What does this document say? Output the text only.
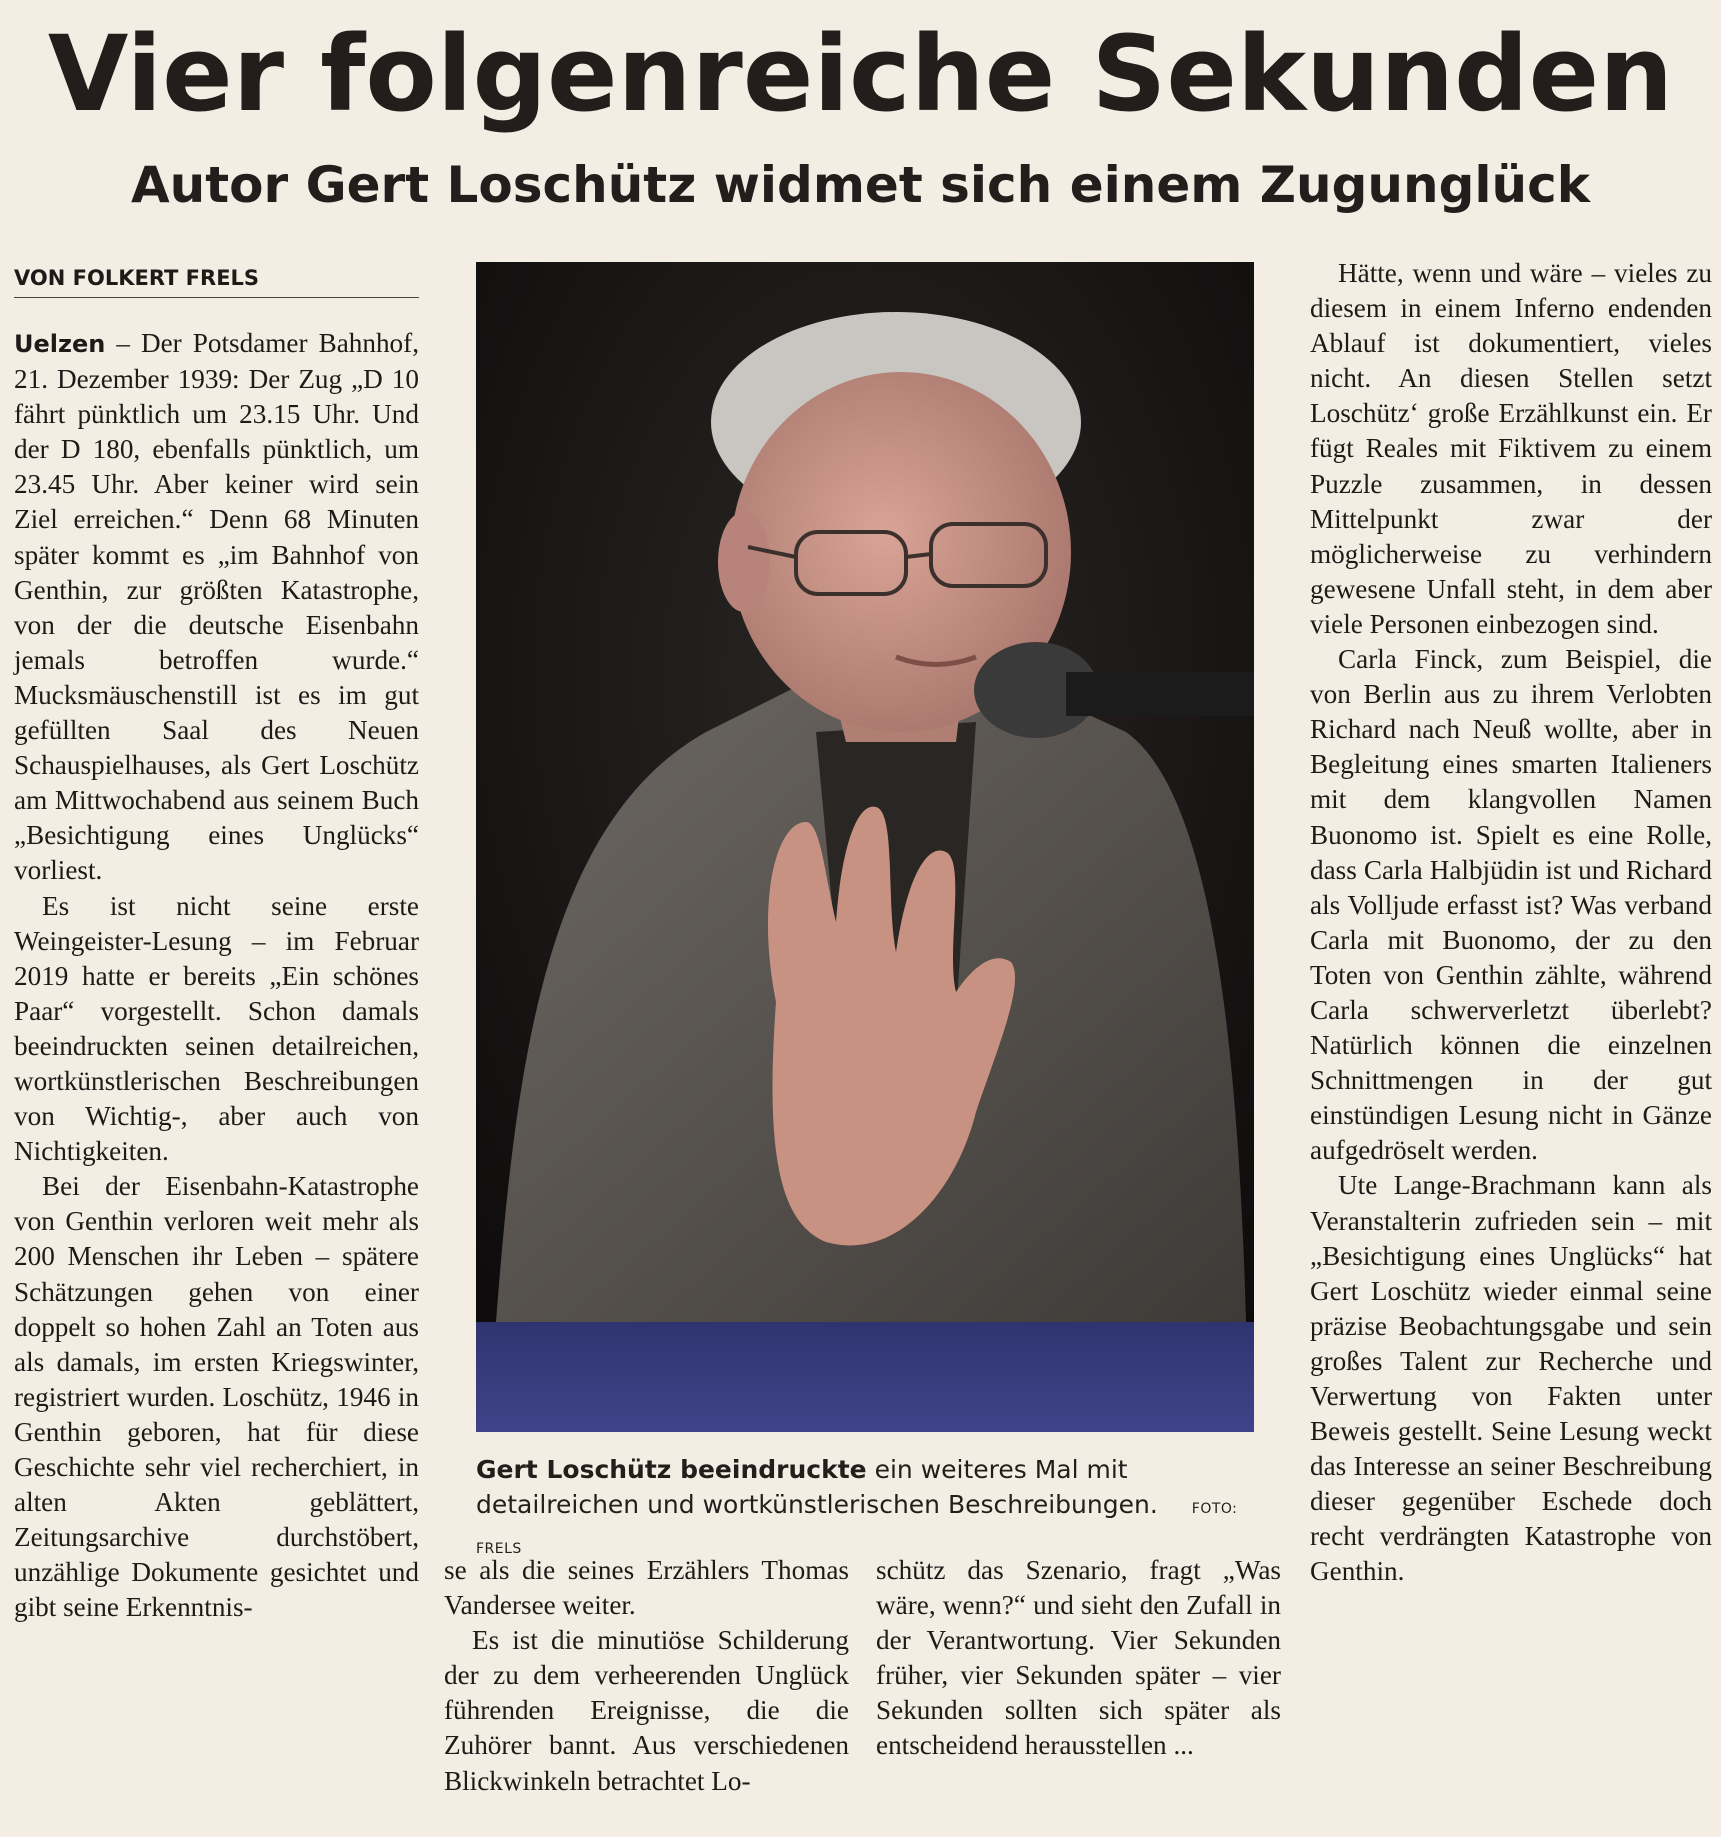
Vier folgenreiche Sekunden
Autor Gert Loschütz widmet sich einem Zugunglück
VON FOLKERT FRELS

Uelzen – Der Potsdamer Bahnhof, 21. Dezember 1939: Der Zug „D 10 fährt pünktlich um 23.15 Uhr. Und der D 180, ebenfalls pünktlich, um 23.45 Uhr. Aber keiner wird sein Ziel erreichen.“ Denn 68 Minuten später kommt es „im Bahnhof von Genthin, zur größten Katastrophe, von der die deutsche Eisenbahn jemals betroffen wurde.“ Mucksmäuschenstill ist es im gut gefüllten Saal des Neuen Schauspielhauses, als Gert Loschütz am Mittwochabend aus seinem Buch „Besichtigung eines Unglücks“ vorliest.

Es ist nicht seine erste Weingeister-Lesung – im Februar 2019 hatte er bereits „Ein schönes Paar“ vorgestellt. Schon damals beeindruckten seinen detailreichen, wortkünstlerischen Beschreibungen von Wichtig-, aber auch von Nichtigkeiten.

Bei der Eisenbahn-Katastrophe von Genthin verloren weit mehr als 200 Menschen ihr Leben – spätere Schätzungen gehen von einer doppelt so hohen Zahl an Toten aus als damals, im ersten Kriegswinter, registriert wurden. Loschütz, 1946 in Genthin geboren, hat für diese Geschichte sehr viel recherchiert, in alten Akten geblättert, Zeitungsarchive durchstöbert, unzählige Dokumente gesichtet und gibt seine Erkenntnis-

Gert Loschütz beeindruckte ein weiteres Mal mit detailreichen und wortkünstlerischen Beschreibungen. FOTO: FRELS

se als die seines Erzählers Thomas Vandersee weiter.

Es ist die minutiöse Schilderung der zu dem verheerenden Unglück führenden Ereignisse, die die Zuhörer bannt. Aus verschiedenen Blickwinkeln betrachtet Lo-

schütz das Szenario, fragt „Was wäre, wenn?“ und sieht den Zufall in der Verantwortung. Vier Sekunden früher, vier Sekunden später – vier Sekunden sollten sich später als entscheidend herausstellen ...

Hätte, wenn und wäre – vieles zu diesem in einem Inferno endenden Ablauf ist dokumentiert, vieles nicht. An diesen Stellen setzt Loschütz‘ große Erzählkunst ein. Er fügt Reales mit Fiktivem zu einem Puzzle zusammen, in dessen Mittelpunkt zwar der möglicherweise zu verhindern gewesene Unfall steht, in dem aber viele Personen einbezogen sind.

Carla Finck, zum Beispiel, die von Berlin aus zu ihrem Verlobten Richard nach Neuß wollte, aber in Begleitung eines smarten Italieners mit dem klangvollen Namen Buonomo ist. Spielt es eine Rolle, dass Carla Halbjüdin ist und Richard als Volljude erfasst ist? Was verband Carla mit Buonomo, der zu den Toten von Genthin zählte, während Carla schwerverletzt überlebt? Natürlich können die einzelnen Schnittmengen in der gut einstündigen Lesung nicht in Gänze aufgedröselt werden.

Ute Lange-Brachmann kann als Veranstalterin zufrieden sein – mit „Besichtigung eines Unglücks“ hat Gert Loschütz wieder einmal seine präzise Beobachtungsgabe und sein großes Talent zur Recherche und Verwertung von Fakten unter Beweis gestellt. Seine Lesung weckt das Interesse an seiner Beschreibung dieser gegenüber Eschede doch recht verdrängten Katastrophe von Genthin.
